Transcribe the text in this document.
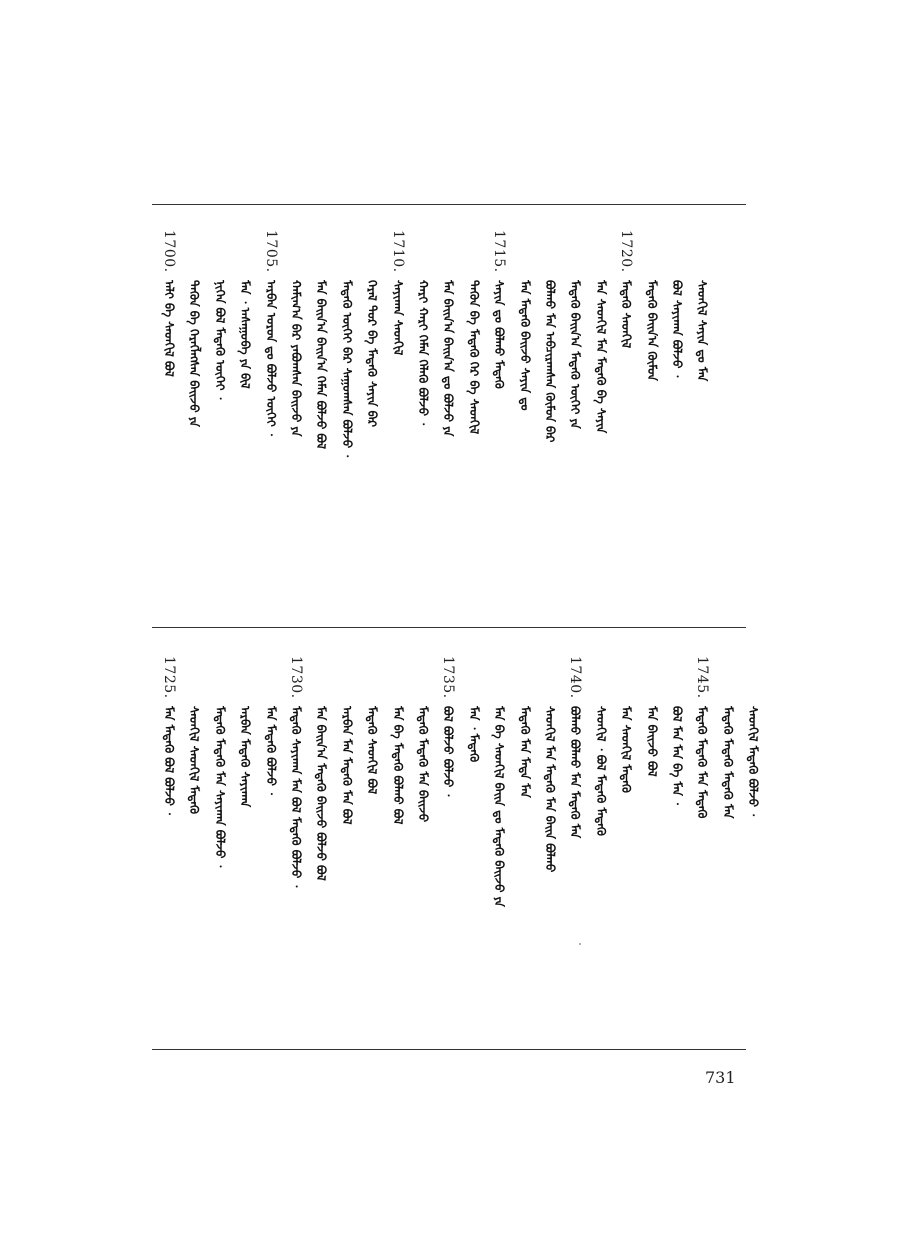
1700.
ᠠᠯᠢ ᠪᠠ ᠰᠡᠳᠬᠢᠯ ᠪᠣᠯ ᠲᠡᠭᠦᠨ ᠪᠡ ᠬᠡᠷᠡᠭᠯᠡᠭᠰᠡᠨ ᠪᠠᠢᠵᠤ ᠶᠠ ᠨᠢᠭᠡᠨ ᠪᠣᠯ ᠮᠡᠳᠡᠬᠦ ᠦᠭᠡᠢ ᠂ ᠮᠡᠨ ᠂ ᠠᠰᠠᠭᠤᠪᠠ ᠶᠠ ᠪᠢᠯ
1705.
ᠠᠷᠪᠠᠨ ᠣᠷᠣᠨ ᠳᠤ ᠪᠣᠯᠵᠤ ᠦᠭᠡᠢ ᠂ ᠬᠠᠮᠢᠭ᠎ᠠ ᠪᠡᠷ ᠶᠠᠪᠤᠭᠰᠠᠨ ᠪᠠᠢᠵᠤ ᠶᠠ ᠮᠡᠨ ᠪᠠᠢᠨ᠎ᠠ ᠪᠠᠢᠨ᠎ᠠ ᠬᠡᠮᠡᠨ ᠪᠣᠯᠵᠤ ᠪᠣᠯ ᠮᠡᠳᠡᠬᠦ ᠦᠭᠡᠢ ᠪᠡᠷ ᠰᠠᠭᠤᠭᠰᠠᠨ ᠪᠣᠯᠵᠤ ᠂ ᠭᠡᠷᠡᠯ ᠳᠤᠷ ᠪᠠ ᠮᠡᠳᠡᠬᠦ ᠰᠠᠶᠢᠨ ᠪᠡᠷ
1710.
ᠰᠠᠶᠢᠬᠠᠨ ᠰᠡᠳᠬᠢᠯ ᠬᠠᠷᠢ ᠬᠠᠷᠢ ᠬᠡᠮᠡᠨ ᠬᠡᠯᠡᠬᠦ ᠪᠣᠯᠵᠤ ᠂ ᠮᠡᠨ ᠪᠠᠢᠨ᠎ᠠ ᠪᠠᠢᠨ᠎ᠠ ᠳᠤ ᠪᠣᠯᠵᠤ ᠶᠠ ᠲᠡᠭᠦᠨ ᠪᠠ ᠮᠡᠳᠡᠬᠦ ᠭᠡᠷ ᠪᠠ ᠰᠡᠳᠬᠢᠯ
1715.
ᠰᠠᠶᠢᠨ ᠳᠤ ᠪᠣᠯᠬᠤ ᠮᠡᠳᠡᠬᠦ ᠮᠡᠨ ᠮᠡᠳᠡᠬᠦ ᠪᠠᠢᠵᠤ ᠰᠠᠶᠢᠨ ᠳᠤ ᠪᠣᠯᠬᠤ ᠮᠡᠨ ᠠᠪᠴᠢᠷᠠᠭᠰᠠᠨ ᠬᠦᠮᠦᠨ ᠪᠡᠷ ᠮᠡᠳᠡᠬᠦ ᠪᠠᠢᠨ᠎ᠠ ᠮᠡᠳᠡᠬᠦ ᠦᠭᠡᠢ ᠶᠠ ᠮᠡᠨ ᠰᠡᠳᠬᠢᠯ ᠮᠡᠨ ᠮᠡᠳᠡᠬᠦ ᠪᠠ ᠰᠠᠶᠢᠨ
1720.
ᠮᠡᠳᠡᠬᠦ ᠰᠡᠳᠬᠢᠯ ᠮᠡᠳᠡᠬᠦ ᠪᠠᠢᠨ᠎ᠠ ᠬᠦᠮᠦᠨ ᠪᠣᠯ ᠰᠠᠶᠢᠬᠠᠨ ᠪᠣᠯᠵᠤ ᠂ ᠰᠡᠳᠬᠢᠯ ᠰᠠᠶᠢᠨ ᠳᠤ ᠮᠡᠨ
1725.
ᠮᠡᠨ ᠮᠡᠳᠡᠬᠦ ᠪᠣᠯ ᠪᠣᠯᠵᠤ ᠂ ᠰᠡᠳᠬᠢᠯ ᠰᠡᠳᠬᠢᠯ ᠮᠡᠳᠡᠬᠦ ᠮᠡᠳᠡᠬᠦ ᠮᠡᠳᠡᠬᠦ ᠮᠡᠨ ᠰᠠᠶᠢᠬᠠᠨ ᠪᠣᠯᠵᠤ ᠂ ᠠᠷᠪᠠᠨ ᠮᠡᠳᠡᠬᠦ ᠰᠠᠶᠢᠬᠠᠨ ᠮᠡᠨ ᠮᠡᠳᠡᠬᠦ ᠪᠣᠯᠵᠤ ᠂
1730.
ᠮᠡᠳᠡᠬᠦ ᠰᠠᠶᠢᠬᠠᠨ ᠮᠡᠨ ᠪᠣᠯ ᠮᠡᠳᠡᠬᠦ ᠪᠣᠯᠵᠤ ᠂ ᠮᠡᠨ ᠪᠠᠢᠨ᠎ᠠ ᠮᠡᠳᠡᠬᠦ ᠪᠠᠢᠵᠤ ᠪᠣᠯᠵᠤ ᠪᠣᠯ ᠠᠷᠪᠠᠨ ᠮᠡᠨ ᠮᠡᠳᠡᠬᠦ ᠮᠡᠨ ᠪᠣᠯ ᠮᠡᠳᠡᠬᠦ ᠰᠡᠳᠬᠢᠯ ᠪᠣᠯ ᠮᠡᠨ ᠪᠠ ᠮᠡᠳᠡᠬᠦ ᠪᠣᠯᠬᠤ ᠪᠣᠯ ᠮᠡᠳᠡᠬᠦ ᠮᠡᠳᠡᠬᠦ ᠮᠡᠨ ᠪᠠᠢᠵᠤ
1735.
ᠪᠣᠯ ᠪᠣᠯᠵᠤ ᠪᠣᠯᠵᠤ ᠂ ᠮᠡᠨ ᠂ ᠮᠡᠳᠡᠬᠦ ᠮᠡᠨ ᠪᠠ ᠰᠡᠳᠬᠢᠯ ᠪᠠᠢᠨ ᠳᠤ ᠮᠡᠳᠡᠬᠦ ᠪᠠᠢᠵᠤ ᠶᠠ ᠮᠡᠳᠡᠬᠦ ᠮᠡᠨ ᠮᠡᠳᠡ ᠮᠡᠨ ᠰᠡᠳᠬᠢᠯ ᠮᠡᠨ ᠮᠡᠳᠡᠬᠦ ᠮᠡᠨ ᠪᠠᠢᠨ ᠪᠣᠯᠬᠤ
1740.
ᠪᠣᠯᠬᠤ ᠪᠣᠯᠬᠤ ᠮᠡᠨ ᠮᠡᠳᠡᠬᠦ ᠮᠡᠨ ᠰᠡᠳᠬᠢᠯ ᠂ ᠪᠣᠯ ᠮᠡᠳᠡᠬᠦ ᠮᠡᠳᠡᠬᠦ ᠮᠡᠨ ᠰᠡᠳᠬᠢᠯ ᠮᠡᠳᠡᠬᠦ ᠮᠡᠨ ᠪᠠᠢᠵᠤ ᠪᠣᠯ ᠪᠣᠯ ᠮᠡᠨ ᠮᠡᠨ ᠪᠠ ᠮᠡᠨ ᠂
1745.
ᠮᠡᠳᠡᠬᠦ ᠮᠡᠳᠡᠬᠦ ᠮᠡᠨ ᠮᠡᠳᠡᠬᠦ ᠮᠡᠳᠡᠬᠦ ᠮᠡᠳᠡᠬᠦ ᠮᠡᠳᠡᠬᠦ ᠮᠡᠨ ᠰᠡᠳᠬᠢᠯ ᠮᠡᠳᠡᠬᠦ ᠪᠣᠯᠵᠤ ᠂
731
